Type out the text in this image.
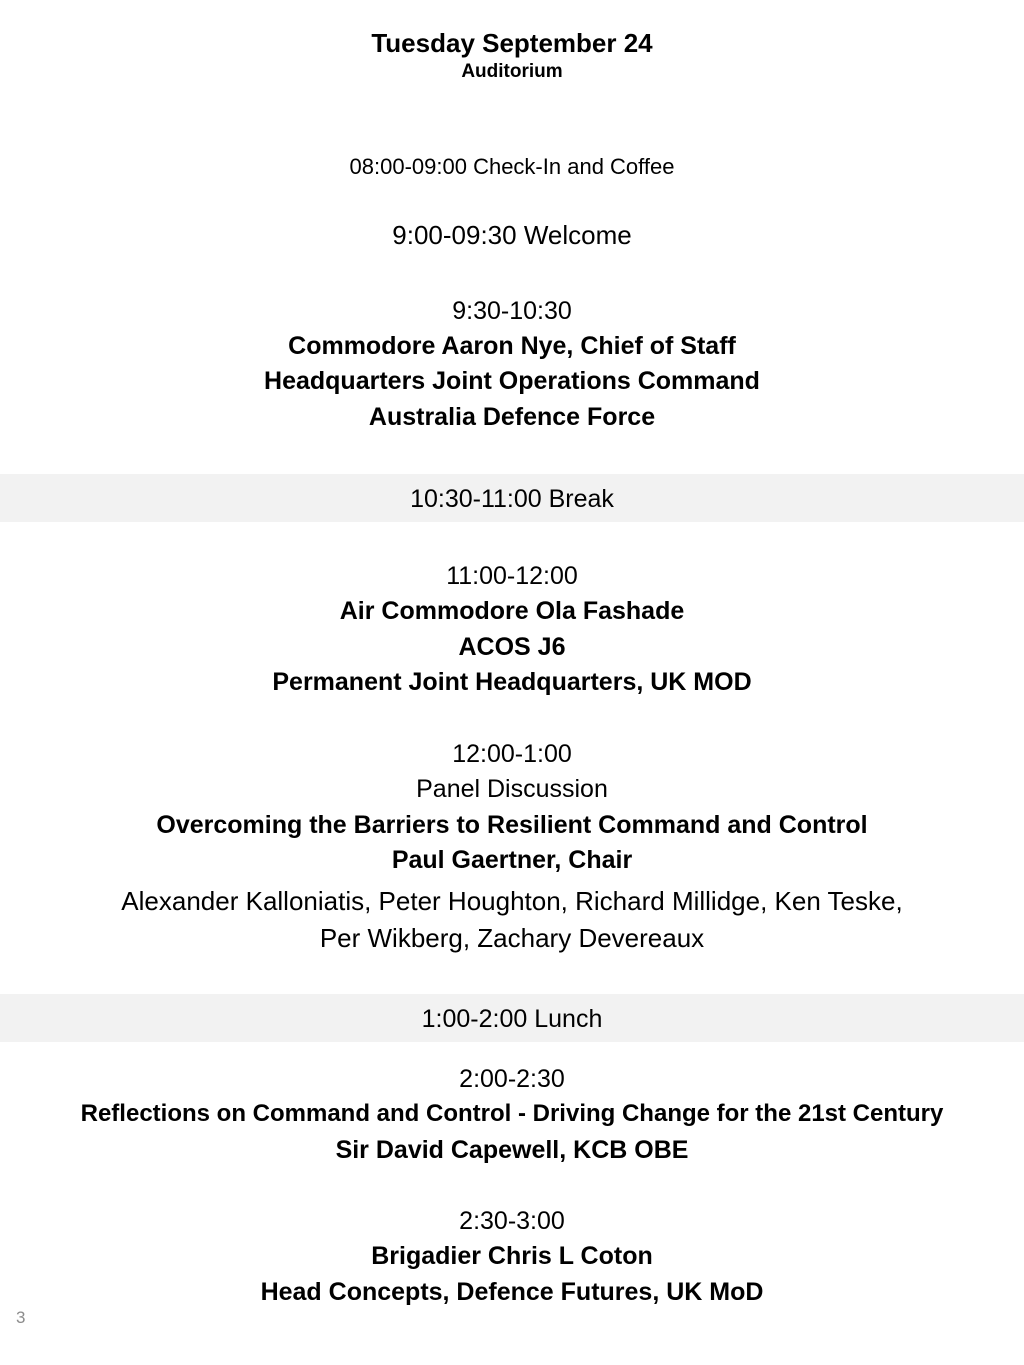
Tuesday September 24
Auditorium
08:00-09:00 Check-In and Coffee
9:00-09:30 Welcome
9:30-10:30
Commodore Aaron Nye, Chief of Staff
Headquarters Joint Operations Command
Australia Defence Force
10:30-11:00 Break
11:00-12:00
Air Commodore Ola Fashade
ACOS J6
Permanent Joint Headquarters, UK MOD
12:00-1:00
Panel Discussion
Overcoming the Barriers to Resilient Command and Control
Paul Gaertner, Chair
Alexander Kalloniatis, Peter Houghton, Richard Millidge, Ken Teske,
Per Wikberg, Zachary Devereaux
1:00-2:00 Lunch
2:00-2:30
Reflections on Command and Control - Driving Change for the 21st Century
Sir David Capewell, KCB OBE
2:30-3:00
Brigadier Chris L Coton
Head Concepts, Defence Futures, UK MoD
3
